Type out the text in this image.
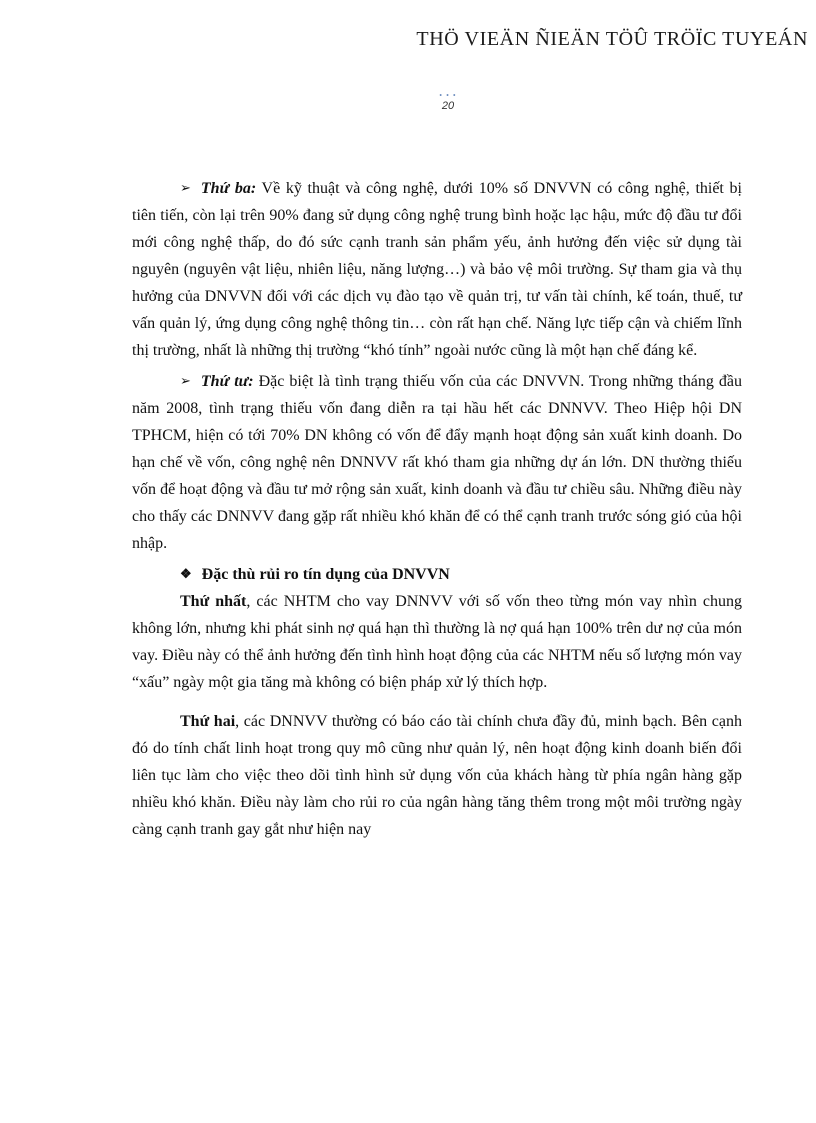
THÖ VIEÄN ÑIEÄN TÖÛ TRÖÏC TUYEÁN
• • •
20

➢ Thứ ba: Về kỹ thuật và công nghệ, dưới 10% số DNVVN có công nghệ, thiết bị tiên tiến, còn lại trên 90% đang sử dụng công nghệ trung bình hoặc lạc hậu, mức độ đầu tư đổi mới công nghệ thấp, do đó sức cạnh tranh sản phẩm yếu, ảnh hưởng đến việc sử dụng tài nguyên (nguyên vật liệu, nhiên liệu, năng lượng…) và bảo vệ môi trường. Sự tham gia và thụ hưởng của DNVVN đối với các dịch vụ đào tạo về quản trị, tư vấn tài chính, kế toán, thuế, tư vấn quản lý, ứng dụng công nghệ thông tin… còn rất hạn chế. Năng lực tiếp cận và chiếm lĩnh thị trường, nhất là những thị trường “khó tính” ngoài nước cũng là một hạn chế đáng kể.

➢ Thứ tư: Đặc biệt là tình trạng thiếu vốn của các DNVVN. Trong những tháng đầu năm 2008, tình trạng thiếu vốn đang diễn ra tại hầu hết các DNNVV. Theo Hiệp hội DN TPHCM, hiện có tới 70% DN không có vốn để đẩy mạnh hoạt động sản xuất kinh doanh. Do hạn chế về vốn, công nghệ nên DNNVV rất khó tham gia những dự án lớn. DN thường thiếu vốn để hoạt động và đầu tư mở rộng sản xuất, kinh doanh và đầu tư chiều sâu. Những điều này cho thấy các DNNVV đang gặp rất nhiều khó khăn để có thể cạnh tranh trước sóng gió của hội nhập.

❖ Đặc thù rủi ro tín dụng của DNVVN

Thứ nhất, các NHTM cho vay DNNVV với số vốn theo từng món vay nhìn chung không lớn, nhưng khi phát sinh nợ quá hạn thì thường là nợ quá hạn 100% trên dư nợ của món vay. Điều này có thể ảnh hưởng đến tình hình hoạt động của các NHTM nếu số lượng món vay “xấu” ngày một gia tăng mà không có biện pháp xử lý thích hợp.

Thứ hai, các DNNVV thường có báo cáo tài chính chưa đầy đủ, minh bạch. Bên cạnh đó do tính chất linh hoạt trong quy mô cũng như quản lý, nên hoạt động kinh doanh biến đổi liên tục làm cho việc theo dõi tình hình sử dụng vốn của khách hàng từ phía ngân hàng gặp nhiều khó khăn. Điều này làm cho rủi ro của ngân hàng tăng thêm trong một môi trường ngày càng cạnh tranh gay gắt như hiện nay
